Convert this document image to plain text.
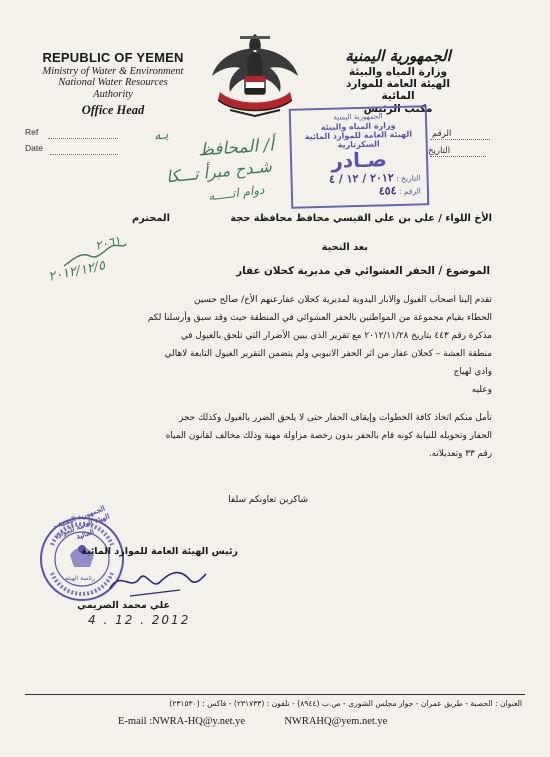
REPUBLIC OF YEMEN
Ministry of Water & Environment
National Water Resources Authority
Office Head
الجمهورية اليمنية
وزارة المياه والبيئة
الهيئة العامة للموارد المائية
مكتب الرئيس
Ref
Date
الرقم
التاريخ
يـه أ/ المحافظ
شـدح مبرأ تـــكا
دوام اتـــــه
٢٠٦١
٢٠١٢/١٢/٥
الجمهورية اليمنية
وزارة المياه والبيئة
الهيئة العامة للموارد المائية
السكرتارية
صـادر
التاريخ : ٢٠١٢ / ١٢ / ٤
الرقم : ٤٥٤
الأخ اللواء / علي بن علي القيسي محافظ محافظة حجة
المحترم
بعد التحية
الموضوع / الحفر العشوائي في مديرية كحلان عفار
تقدم إلينا اصحاب الغيول والابار اليدوية لمديرية كحلان عفارعنهم الأخ/ صالح حسين
الحطاء بقيام مجموعة من المواطنين بالحفر العشوائي في المنطقة حيث وقد سبق وأرسلنا لكم
مذكرة رقم ٤٤٣ بتاريخ ٢٠١٢/١١/٢٨ مع تقرير الذي يبين الأضرار التي تلحق بالغيول في
منطقة العشة – كحلان عفار من اثر الحفر الانبوبي ولم يتضمن التقرير الغيول التابعة لاهالي
وادي لهياج
وعليه
نأمل منكم اتخاذ كافة الخطوات وإيقاف الحفار حتى لا يلحق الضرر بالغيول وكذلك حجز
الحفار وتحويله للنيابة كونه قام بالحفر بدون رخصة مزاولة مهنة وذلك مخالف لقانون المياه
رقم ٣٣ وتعديلاته.
شاكرين تعاونكم سلفا
الجمهورية اليمنية - الهيئة العامة للموارد المائية
رئاسة الهيئة
رئيس الهيئة العامة للموارد المائية
علي محمد الصريمي
4 . 12 . 2012
العنوان : الحصبة - طريق عمران - جوار مجلس الشورى - ص.ب (٨٩٤٤) - تلفون : (٢٣١٧٣٣) - فاكس : (٢٣١٥٣٠)
E-mail :NWRA-HQ@y.net.ye	NWRAHQ@yem.net.ye
